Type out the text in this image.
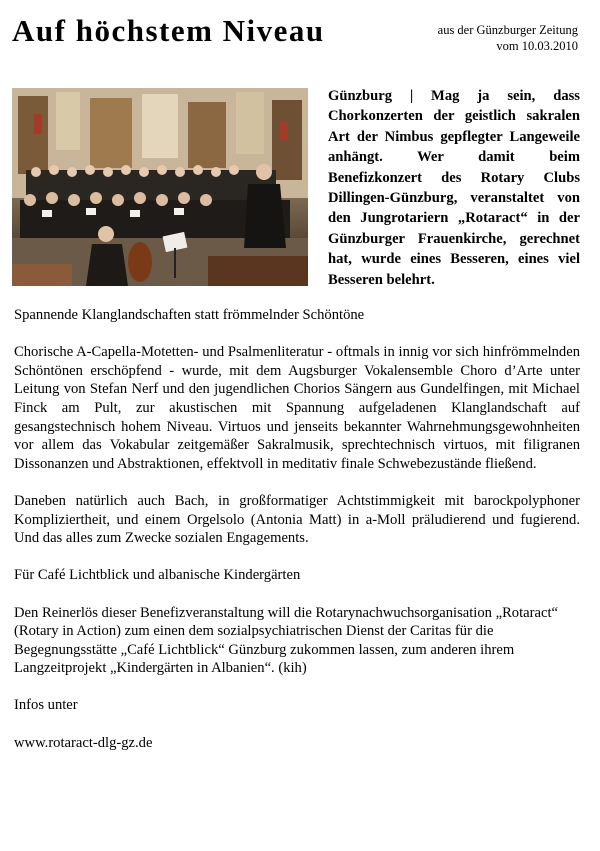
Auf höchstem Niveau	aus der Günzburger Zeitung
vom 10.03.2010

Günzburg | Mag ja sein, dass Chorkonzerten der geistlich sakralen Art der Nimbus gepflegter Langeweile anhängt. Wer damit beim Benefizkonzert des Rotary Clubs Dillingen-Günzburg, veranstaltet von den Jungrotariern „Rotaract“ in der Günzburger Frauenkirche, gerechnet hat, wurde eines Besseren, eines viel Besseren belehrt.

Spannende Klanglandschaften statt frömmelnder Schöntöne

Chorische A-Capella-Motetten- und Psalmenliteratur - oftmals in innig vor sich hinfrömmelnden Schöntönen erschöpfend - wurde, mit dem Augsburger Vokalensemble Choro d’Arte unter Leitung von Stefan Nerf und den jugendlichen Chorios Sängern aus Gundelfingen, mit Michael Finck am Pult, zur akustischen mit Spannung aufgeladenen Klanglandschaft auf gesangstechnisch hohem Niveau. Virtuos und jenseits bekannter Wahrnehmungsgewohnheiten vor allem das Vokabular zeitgemäßer Sakralmusik, sprechtechnisch virtuos, mit filigranen Dissonanzen und Abstraktionen, effektvoll in meditativ finale Schwebezustände fließend.

Daneben natürlich auch Bach, in großformatiger Achtstimmigkeit mit barockpolyphoner Kompliziertheit, und einem Orgelsolo (Antonia Matt) in a-Moll präludierend und fugierend. Und das alles zum Zwecke sozialen Engagements.

Für Café Lichtblick und albanische Kindergärten

Den Reinerlös dieser Benefizveranstaltung will die Rotarynachwuchsorganisation „Rotaract“ (Rotary in Action) zum einen dem sozialpsychiatrischen Dienst der Caritas für die Begegnungsstätte „Café Lichtblick“ Günzburg zukommen lassen, zum anderen ihrem Langzeitprojekt „Kindergärten in Albanien“. (kih)

Infos unter

www.rotaract-dlg-gz.de
